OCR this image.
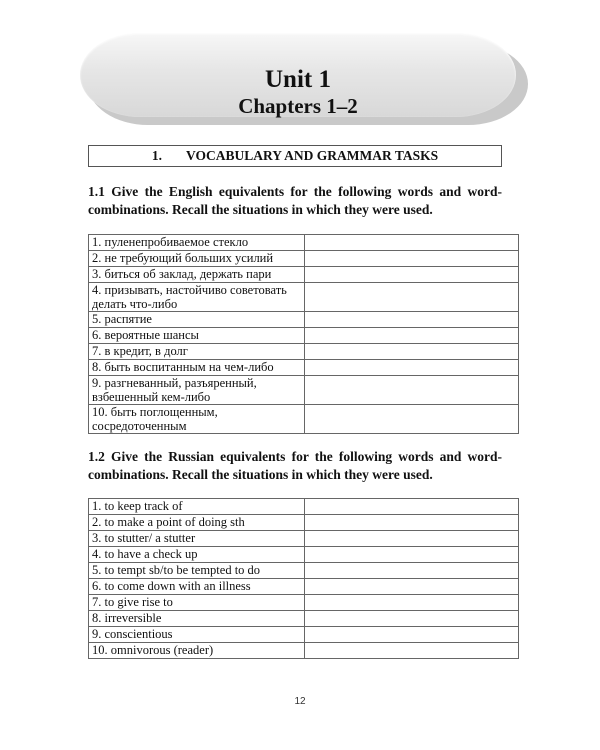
Unit 1
Chapters 1–2
1. VOCABULARY AND GRAMMAR TASKS
1.1 Give the English equivalents for the following words and word-combinations. Recall the situations in which they were used.
1. пуленепробиваемое стекло	
2. не требующий больших усилий	
3. биться об заклад, держать пари	
4. призывать, настойчиво советовать делать что-либо	
5. распятие	
6. вероятные шансы	
7. в кредит, в долг	
8. быть воспитанным на чем-либо	
9. разгневанный, разъяренный, взбешенный кем-либо	
10. быть поглощенным, сосредоточенным	
1.2 Give the Russian equivalents for the following words and word-combinations. Recall the situations in which they were used.
1. to keep track of	
2. to make a point of doing sth	
3. to stutter/ a stutter	
4. to have a check up	
5. to tempt sb/to be tempted to do	
6. to come down with an illness	
7. to give rise to	
8. irreversible	
9. conscientious	
10. omnivorous (reader)	
12
